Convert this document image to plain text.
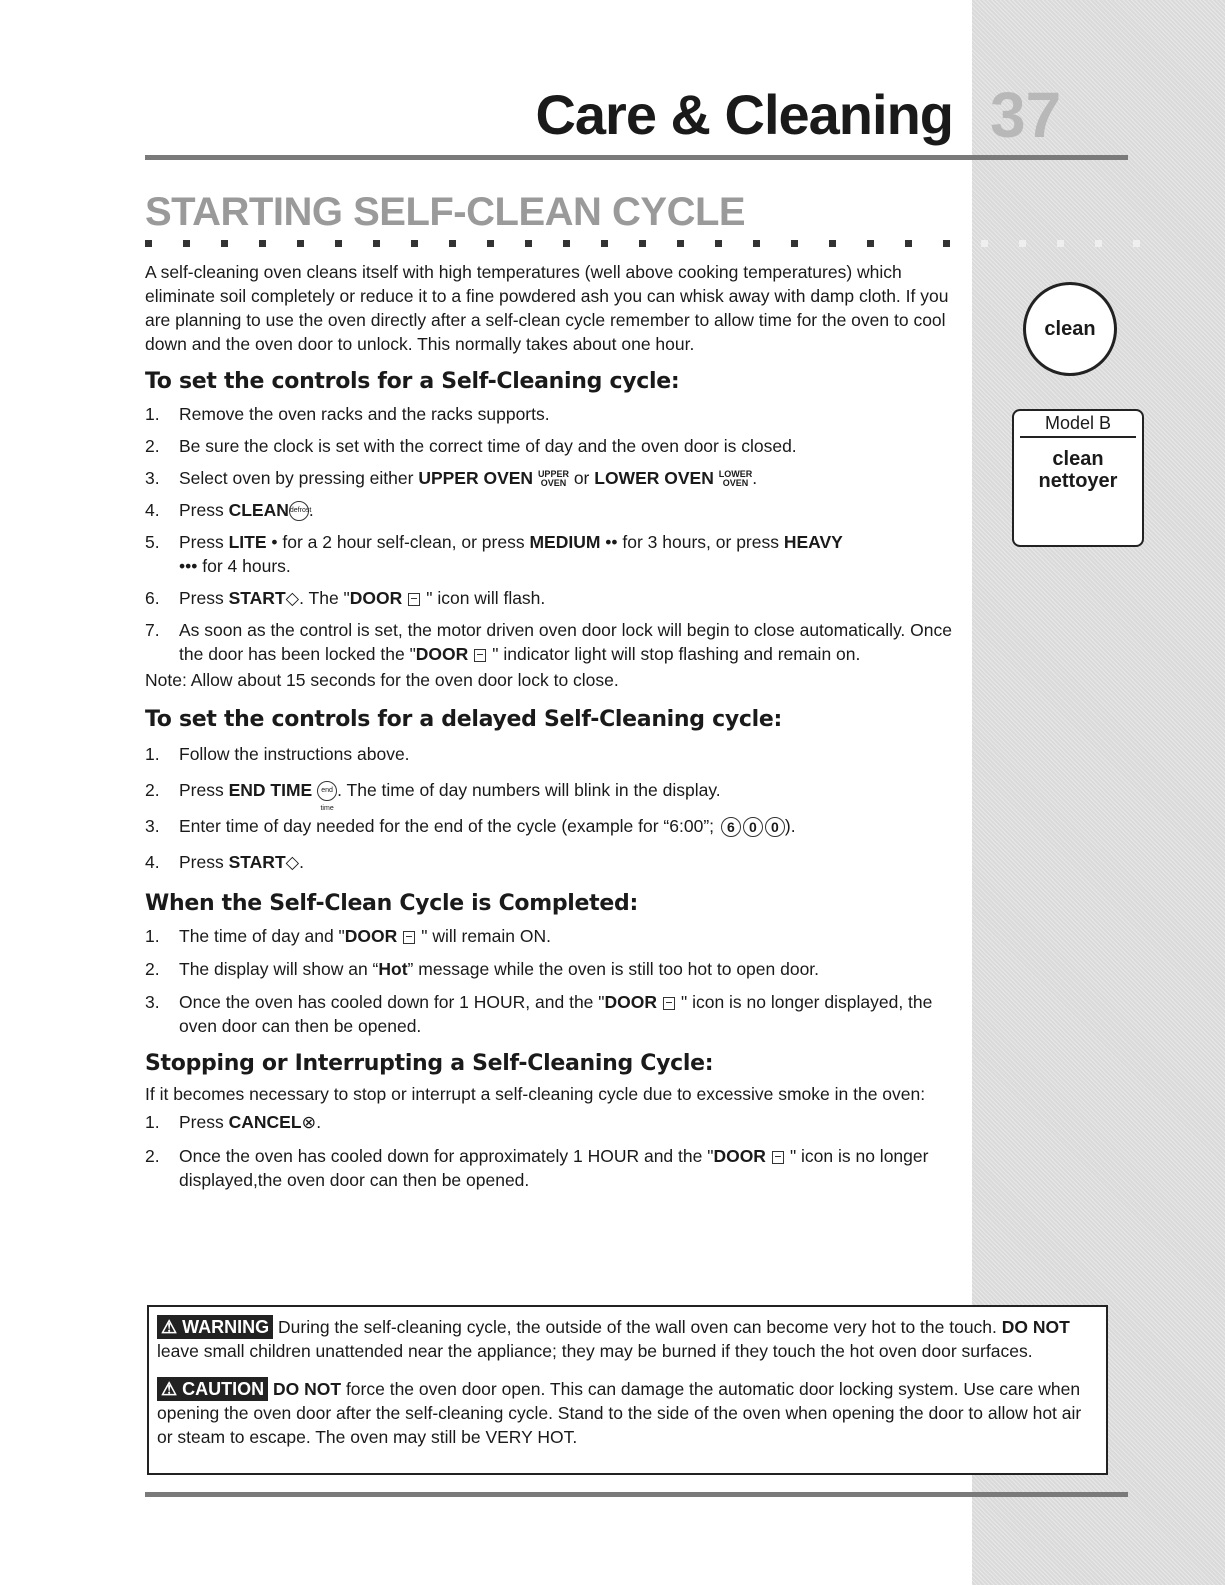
Care & Cleaning 37
STARTING SELF-CLEAN CYCLE

A self-cleaning oven cleans itself with high temperatures (well above cooking temperatures) which eliminate soil completely or reduce it to a fine powdered ash you can whisk away with damp cloth. If you are planning to use the oven directly after a self-clean cycle remember to allow time for the oven to cool down and the oven door to unlock. This normally takes about one hour.

To set the controls for a Self-Cleaning cycle:

1. Remove the oven racks and the racks supports.
2. Be sure the clock is set with the correct time of day and the oven door is closed.
3. Select oven by pressing either UPPER OVEN UPPER
OVEN or LOWER OVEN LOWER
OVEN .
4. Press CLEANdefrost.
5. Press LITE • for a 2 hour self-clean, or press MEDIUM •• for 3 hours, or press HEAVY
••• for 4 hours.
6. Press START◇. The "DOOR " icon will flash.
7. As soon as the control is set, the motor driven oven door lock will begin to close automatically. Once the door has been locked the "DOOR " indicator light will stop flashing and remain on.

Note: Allow about 15 seconds for the oven door lock to close.

To set the controls for a delayed Self-Cleaning cycle:

1. Follow the instructions above.
2. Press END TIME end time. The time of day numbers will blink in the display.
3. Enter time of day needed for the end of the cycle (example for “6:00”; 6 0 0 ).
4. Press START◇.

When the Self-Clean Cycle is Completed:

1. The time of day and "DOOR " will remain ON.
2. The display will show an “Hot” message while the oven is still too hot to open door.
3. Once the oven has cooled down for 1 HOUR, and the "DOOR " icon is no longer displayed, the oven door can then be opened.

Stopping or Interrupting a Self-Cleaning Cycle:

If it becomes necessary to stop or interrupt a self-cleaning cycle due to excessive smoke in the oven:

1. Press CANCEL⊗.
2. Once the oven has cooled down for approximately 1 HOUR and the "DOOR " icon is no longer displayed,the oven door can then be opened.
clean
Model B
clean
nettoyer
⚠ WARNING During the self-cleaning cycle, the outside of the wall oven can become very hot to the touch. DO NOT leave small children unattended near the appliance; they may be burned if they touch the hot oven door surfaces.
⚠ CAUTION DO NOT force the oven door open. This can damage the automatic door locking system. Use care when opening the oven door after the self-cleaning cycle. Stand to the side of the oven when opening the door to allow hot air or steam to escape. The oven may still be VERY HOT.
